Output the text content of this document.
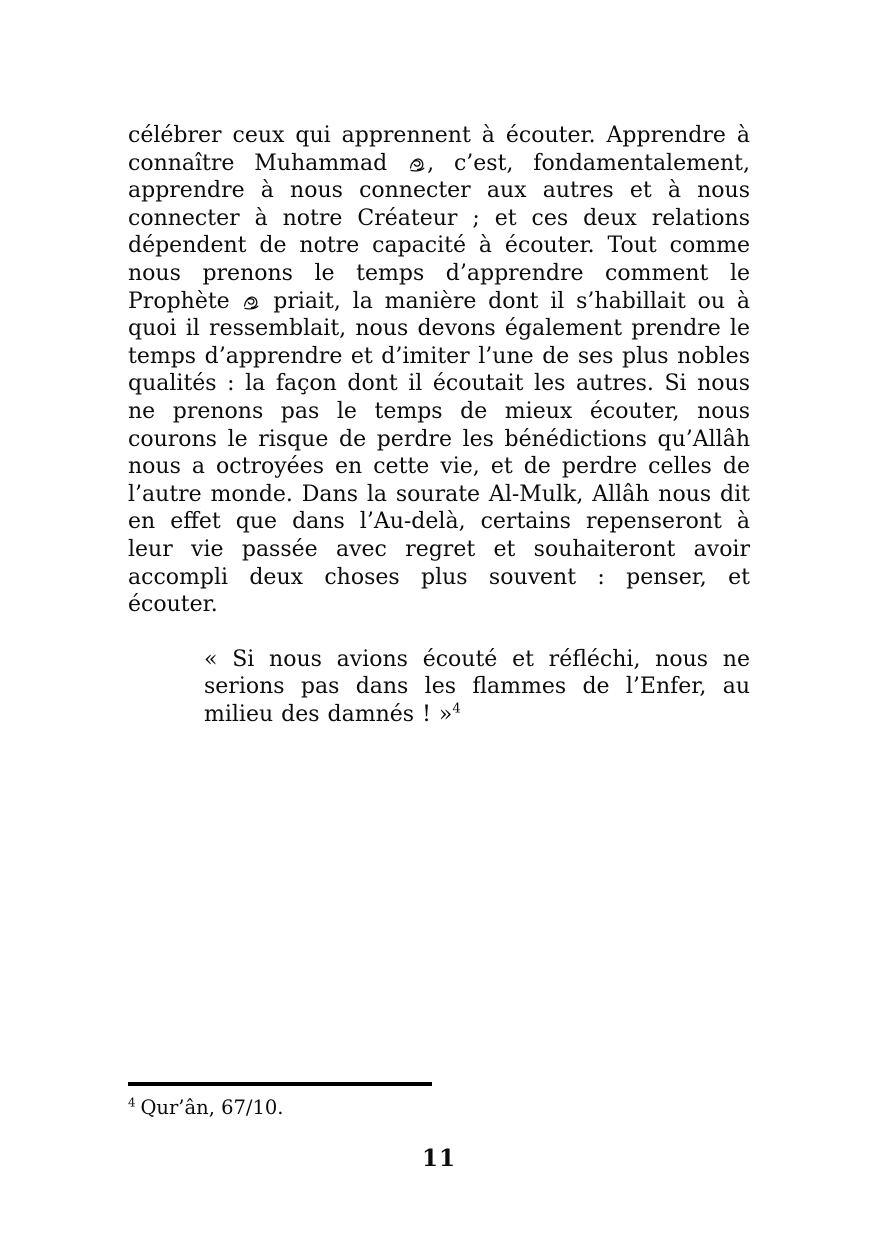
célébrer ceux qui apprennent à écouter. Apprendre à connaître Muhammad , c’est, fondamentalement, apprendre à nous connecter aux autres et à nous connecter à notre Créateur ; et ces deux relations dépendent de notre capacité à écouter. Tout comme nous prenons le temps d’apprendre comment le Prophète  priait, la manière dont il s’habillait ou à quoi il ressemblait, nous devons également prendre le temps d’apprendre et d’imiter l’une de ses plus nobles qualités : la façon dont il écoutait les autres. Si nous ne prenons pas le temps de mieux écouter, nous courons le risque de perdre les bénédictions qu’Allâh nous a octroyées en cette vie, et de perdre celles de l’autre monde. Dans la sourate Al-Mulk, Allâh nous dit en effet que dans l’Au-delà, certains repenseront à leur vie passée avec regret et souhaiteront avoir accompli deux choses plus souvent : penser, et écouter.

« Si nous avions écouté et réfléchi, nous ne serions pas dans les flammes de l’Enfer, au milieu des damnés ! »$^4$
$^4$ Qur’ân, 67/10.
11
